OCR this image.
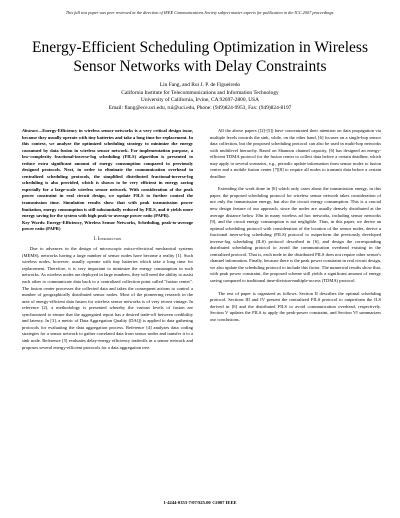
This full text paper was peer reviewed at the direction of IEEE Communications Society subject matter experts for publication in the ICC 2007 proceedings.
Energy-Efficient Scheduling Optimization in Wireless Sensor Networks with Delay Constraints
Lin Fang, and Rui J. P. de Figueiredo
California Institute for Telecommunications and Information Technology
University of California, Irvine, CA 92697-2800, USA
Email: flang@ece.uci.edu, rui@uci.edu, Phone: (949)824-9953, Fax: (949)824-8197

Abstract—Energy-Efficiency in wireless sensor networks is a very critical design issue, because they usually operate with tiny batteries and take a long time for replacement. In this context, we analyze the optimized scheduling strategy to minimize the energy consumed by data fusion in wireless sensor network. For implementation purpose, a low-complexity fractional-inverse-log scheduling (FILS) algorithm is presented to reduce extra significant amount of energy consumption compared to previously designed protocols. Next, in order to eliminate the communication overhead in centralized scheduling protocols, the simplified distributed fractional-inverse-log scheduling is also provided, which is shown to be very efficient in energy saving especially for a large-scale wireless sensor network. With consideration of the peak power constraint in real circuit design, we update FILS to further control the transmission time. Simulation results show that with peak transmission power limitation, energy consumption is still substantially reduced by FILS, and it yields more energy saving for the system with high peak-to-average power ratio (PAPR).

Key Words: Energy-Efficiency, Wireless Sensor Networks, Scheduling, peak-to-average power ratio (PAPR)

I. Introduction

Due to advances in the design of microscopic micro-electrical mechanical systems (MEMS), networks having a large number of sensor nodes have become a reality [1]. Such wireless nodes, however, usually operate with tiny batteries which take a long time for replacement. Therefore, it is very important to minimize the energy consumption in such networks. As wireless nodes are deployed in large numbers, they will need the ability to assist each other to communicate data back to a centralized collection point called "fusion center". The fusion center processes the collected data and takes the consequent actions to control a number of geographically distributed sensor nodes. Most of the pioneering research in the area of energy-efficient data fusion for wireless sensor networks is of very recent vintage. In reference [2], a methodology is presented whereby the various levels of fusion are synchronized to ensure that the aggregated report has a desired trade-off between credibility and latency. In [3], a metric of Data Aggregation Quality (DAQ) is applied to data gathering protocols for evaluating the data aggregation process. Reference [4] analyzes data coding strategies for a sensor network to gather correlated data from sensor nodes and transfer it to a sink node. Reference [5] evaluates delay-energy efficiency tradeoffs in a sensor network and proposes several energy-efficient protocols for a data aggregation tree.

All the above papers ([2]-[5]) have concentrated their attention on data propagation via multiple levels towards the sink, while, on the other hand, [6] focuses on a single-hop sensor data collection, but the proposed scheduling protocol can also be used in multi-hop networks with multilevel hierarchy. Based on Shannon channel capacity, [6] has designed an energy-efficient TDMA protocol for the fusion center to collect data before a certain deadline, which may apply to several scenarios, e.g., periodic update information from sensor nodes to fusion center and a mobile fusion center [7][8] to require all nodes to transmit data before a certain deadline.

Extending the work done in [6] which only cares about the transmission energy, in this paper, the proposed scheduling protocol for wireless sensor network takes consideration of not only the transmission energy, but also the circuit energy consumption. This is a crucial new design feature of our approach, since the nodes are usually densely distributed at the average distance below 10m in many wireless ad hoc networks, including sensor networks [9], and the circuit energy consumption is not negligible. Thus, in this paper, we derive an optimal scheduling protocol with consideration of the location of the sensor nodes, derive a fractional inverse-log scheduling (FILS) protocol to outperform the previously developed inverse-log scheduling (ILS) protocol described in [6], and design the corresponding distributed scheduling protocol to avoid the communication overhead existing in the centralized protocol. That is, each node in the distributed FILS does not require other sensor's channel information. Finally, because there is the peak power constraint in real circuit design, we also update the scheduling protocol to include this factor. The numerical results show that, with peak power constraint, the proposed scheme still yields a significant amount of energy saving compared to traditional time-division-multiple-access (TDMA) protocol.

The rest of paper is organized as follows. Section II describes the optimal scheduling protocol. Sections III and IV present the centralized FILS protocol to outperform the ILS derived in [6] and the distributed FILS to avoid communication overhead, respectively. Section V updates the FILS to apply the peak-power constraint, and Section VI summarizes our conclusions.

1-4244-0353-7/07/$25.00 ©2007 IEEE
